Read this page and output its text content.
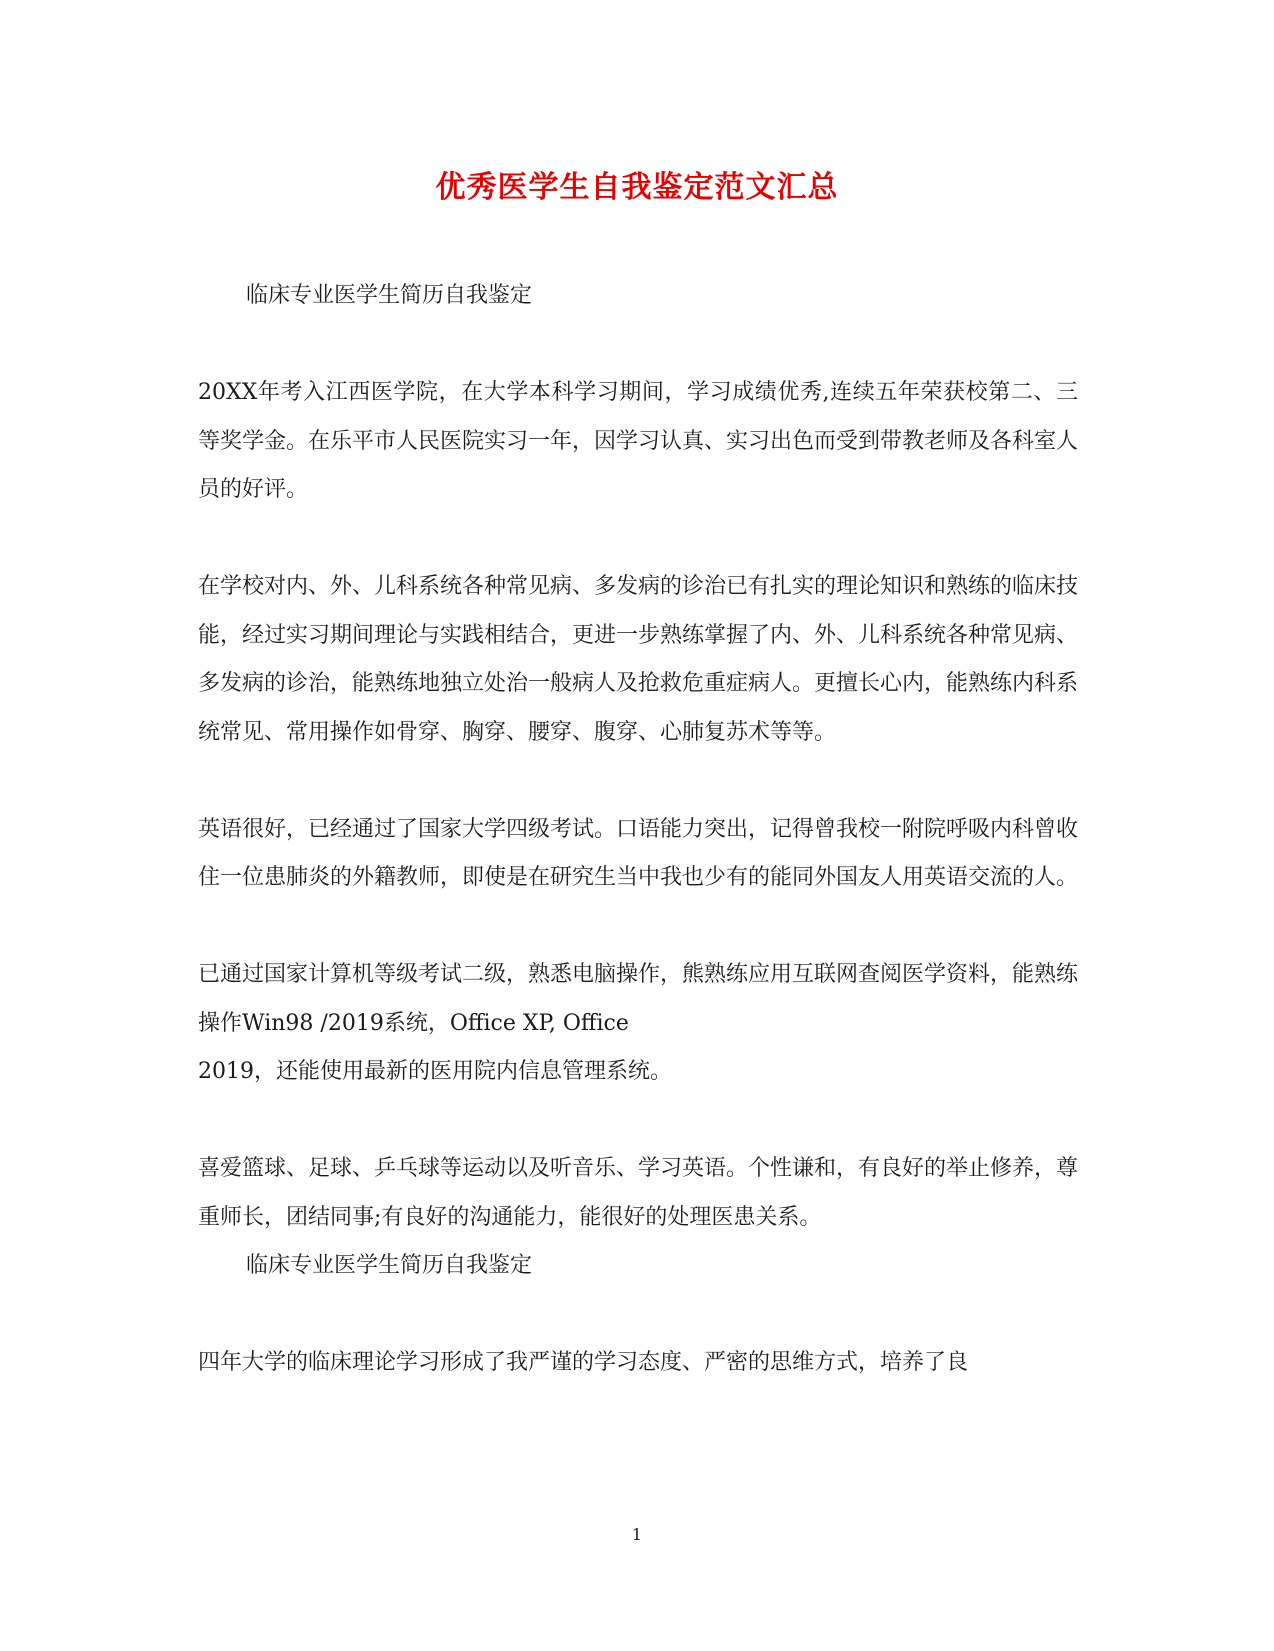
优秀医学生自我鉴定范文汇总

临床专业医学生简历自我鉴定

20XX年考入江西医学院，在大学本科学习期间，学习成绩优秀,连续五年荣获校第二、三等奖学金。在乐平市人民医院实习一年，因学习认真、实习出色而受到带教老师及各科室人员的好评。

在学校对内、外、儿科系统各种常见病、多发病的诊治已有扎实的理论知识和熟练的临床技能，经过实习期间理论与实践相结合，更进一步熟练掌握了内、外、儿科系统各种常见病、多发病的诊治，能熟练地独立处治一般病人及抢救危重症病人。更擅长心内，能熟练内科系统常见、常用操作如骨穿、胸穿、腰穿、腹穿、心肺复苏术等等。

英语很好，已经通过了国家大学四级考试。口语能力突出，记得曾我校一附院呼吸内科曾收住一位患肺炎的外籍教师，即使是在研究生当中我也少有的能同外国友人用英语交流的人。

已通过国家计算机等级考试二级，熟悉电脑操作，熊熟练应用互联网查阅医学资料，能熟练操作Win98 /2019系统，Office XP, Office

2019，还能使用最新的医用院内信息管理系统。

喜爱篮球、足球、乒乓球等运动以及听音乐、学习英语。个性谦和，有良好的举止修养，尊重师长，团结同事;有良好的沟通能力，能很好的处理医患关系。

临床专业医学生简历自我鉴定

四年大学的临床理论学习形成了我严谨的学习态度、严密的思维方式，培养了良

1
